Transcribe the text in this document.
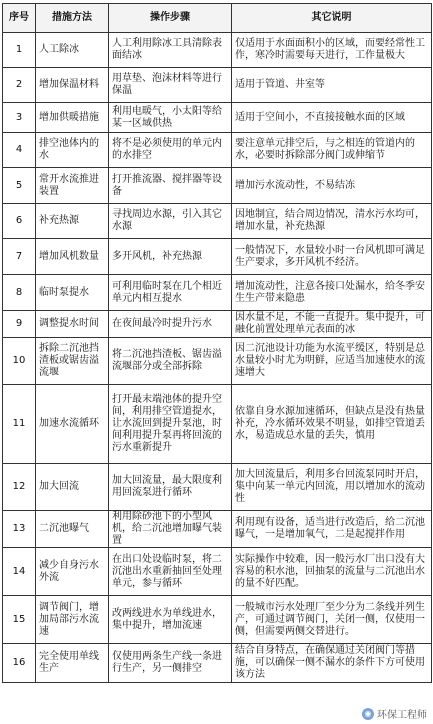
序号	措施方法	操作步骤	其它说明
1	人工除冰	人工利用除冰工具清除表面结冰	仅适用于水面面积小的区域，而要经常性工作，寒冷时需要每天进行，工作量极大
2	增加保温材料	用草垫、泡沫材料等进行保温	适用于管道、井室等
3	增加供暖措施	利用电暖气，小太阳等给某一区域供热	适用于空间小，不直接接触水面的区域
4	排空池体内的水	将不是必须使用的单元内的水排空	要注意单元排空后，与之相连的管道内的水，必要时拆除部分阀门或伸缩节
5	常开水流推进装置	打开推流器、搅拌器等设备	增加污水流动性，不易结冻
6	补充热源	寻找周边水源，引入其它水源	因地制宜，结合周边情况，清水污水均可，增加水量，补充热源
7	增加风机数量	多开风机，补充热源	一般情况下，水量较小时一台风机即可满足生产要求，多开风机不经济。
8	临时泵提水	可利用临时泵在几个相近单元内相互提水	增加流动性，注意各接口处漏水，给冬季安生生产带来隐患
9	调整提水时间	在夜间最冷时提升污水	因水量不足，不能一直提升。集中提升，可融化前置处理单元表面的冰
10	拆除二沉池挡渣板或锯齿溢流堰	将二沉池挡渣板、锯齿溢流堰部分或全部拆除	因二沉池设计功能为水流平缓区，特别是总水量较小时尤为明鲜，应适当加速使水的流速增大
11	加速水流循环	打开最末端池体的提升空间，利用排空管道提水，让水流回到提升泵池，时间利用提升泵再将回流的污水重新提升	依靠自身水源加速循环，但缺点是没有热量补充，冷水循环效果不明显，如排空管道丢水，易造成总水量的丢失，慎用
12	加大回流	加大回流量，最大限度利用回流泵进行循环	加大回流量后，利用多台回流泵同时开启，集中向某一单元内回流，用以增加水的流动性
13	二沉池曝气	利用除砂池下的小型风机，给二沉池增加曝气装置	利用现有设备，适当进行改造后，给二沉池曝气，一是增加氧气，二是起搅拌作用
14	减少自身污水外流	在出口处设临时泵，将二沉池出水重新抽回至处理单元，参与循环	实际操作中较难，因一般污水厂出口没有大容易的积水池，回抽泵的流量与二沉池出水的量不好匹配。
15	调节阀门，增加局部污水流速	改两线进水为单线进水，集中提升，增加流速	一般城市污水处理厂至少分为二条线并列生产，可通过调节阀门，关闭一侧，仅使用一侧，但需要两侧交替进行。
16	完全使用单线生产	仅使用两条生产线一条进行生产，另一侧排空	结合自身特点，在确保通过关闭阀门等措施，可以确保一侧不漏水的条件下方可使用该方法
◉ 环保工程师
